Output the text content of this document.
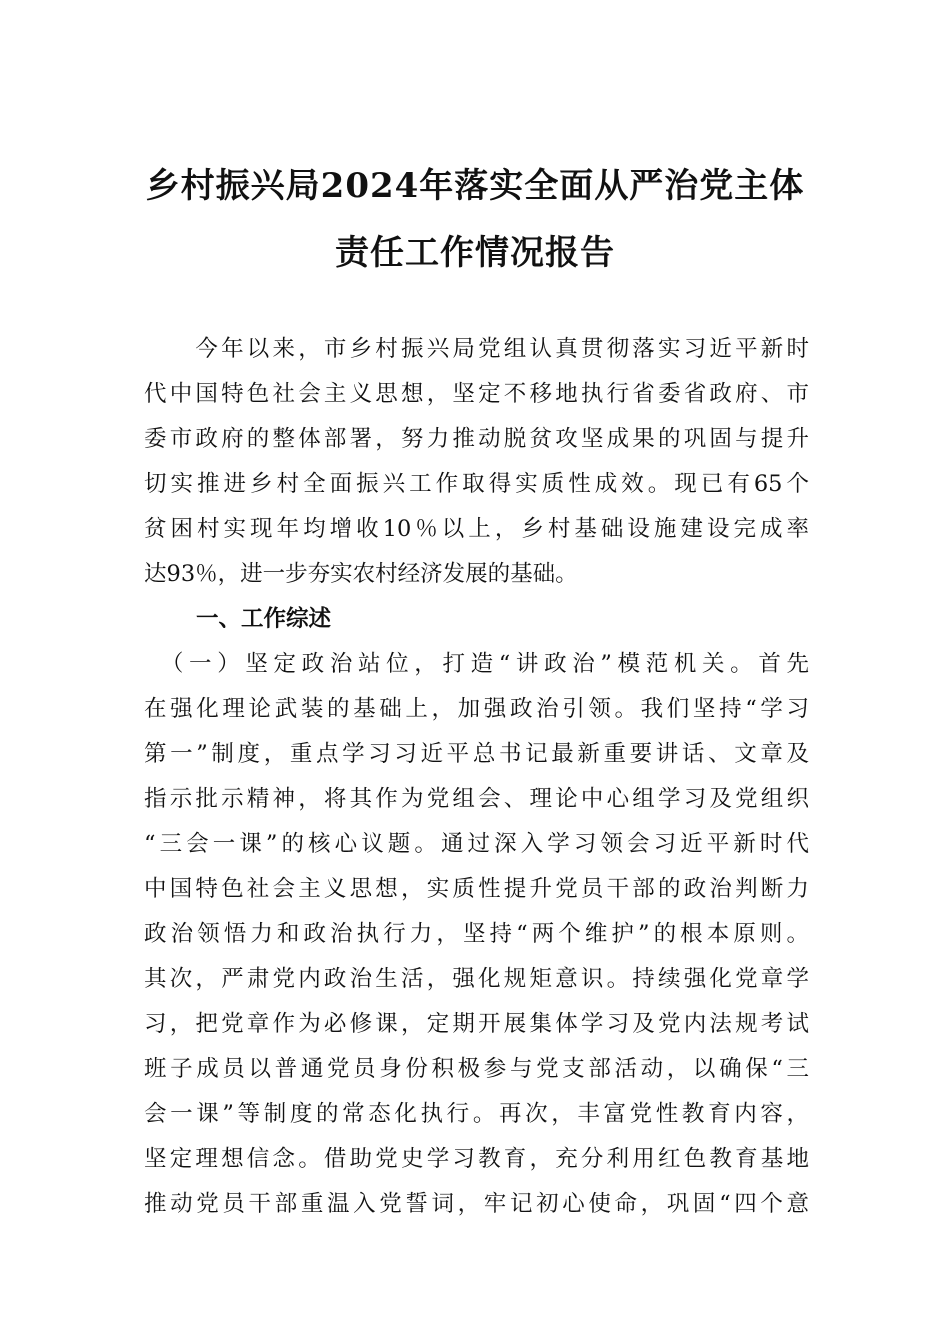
乡村振兴局2024年落实全面从严治党主体
责任工作情况报告
　　今年以来，市乡村振兴局党组认真贯彻落实习近平新时
代中国特色社会主义思想，坚定不移地执行省委省政府、市
委市政府的整体部署，努力推动脱贫攻坚成果的巩固与提升
切实推进乡村全面振兴工作取得实质性成效。现已有65个
贫困村实现年均增收10％以上，乡村基础设施建设完成率
达93％，进一步夯实农村经济发展的基础。
一、工作综述
　（一）坚定政治站位，打造“讲政治”模范机关。首先
在强化理论武装的基础上，加强政治引领。我们坚持“学习
第一”制度，重点学习习近平总书记最新重要讲话、文章及
指示批示精神，将其作为党组会、理论中心组学习及党组织
“三会一课”的核心议题。通过深入学习领会习近平新时代
中国特色社会主义思想，实质性提升党员干部的政治判断力
政治领悟力和政治执行力，坚持“两个维护”的根本原则。
其次，严肃党内政治生活，强化规矩意识。持续强化党章学
习，把党章作为必修课，定期开展集体学习及党内法规考试
班子成员以普通党员身份积极参与党支部活动，以确保“三
会一课”等制度的常态化执行。再次，丰富党性教育内容，
坚定理想信念。借助党史学习教育，充分利用红色教育基地
推动党员干部重温入党誓词，牢记初心使命，巩固“四个意
